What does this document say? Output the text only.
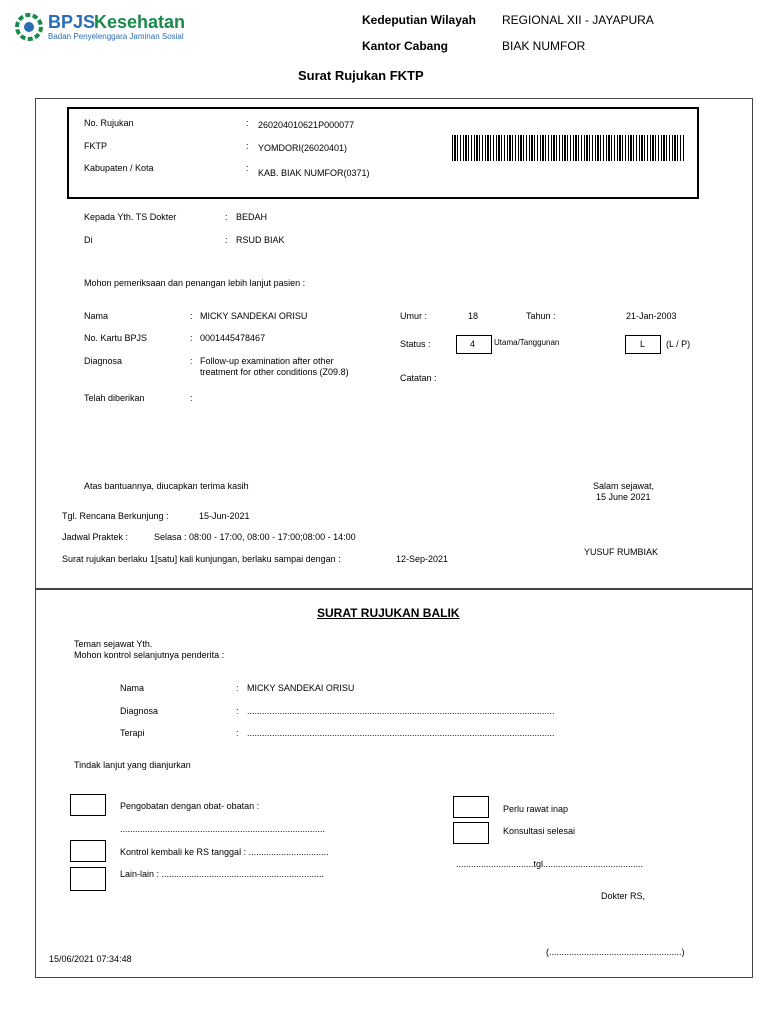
BPJS
Kesehatan
Badan Penyelenggara Jaminan Sosial
Kedeputian Wilayah REGIONAL XII - JAYAPURA
Kantor Cabang	BIAK NUMFOR
Surat Rujukan FKTP
No. Rujukan	: 260204010621P000077
FKTP	: YOMDORI(26020401)
Kabupaten / Kota	: KAB. BIAK NUMFOR(0371)
Kepada Yth. TS Dokter	: BEDAH
Di	: RSUD BIAK
Mohon pemeriksaan dan penangan lebih lanjut pasien :
Nama	: MICKY SANDEKAI ORISU
No. Kartu BPJS	: 0001445478467
Diagnosa	: Follow-up examination after other
treatment for other conditions (Z09.8)
Telah diberikan	:
Umur :	18	Tahun :	21-Jan-2003
Status :	4 Utama/Tanggunan	L (L / P)
Catatan :
Atas bantuannya, diucapkan terima kasih	Salam sejawat,
15 June 2021
Tgl. Rencana Berkunjung :	15-Jun-2021
Jadwal Praktek :	Selasa : 08:00 - 17:00, 08:00 - 17:00;08:00 - 14:00
Surat rujukan berlaku 1[satu] kali kunjungan, berlaku sampai dengan :	12-Sep-2021
YUSUF RUMBIAK
SURAT RUJUKAN BALIK
Teman sejawat Yth.
Mohon kontrol selanjutnya penderita :
Nama	: MICKY SANDEKAI ORISU
Diagnosa	: ...........................................................................................................................
Terapi	: ...........................................................................................................................
Tindak lanjut yang dianjurkan
Pengobatan dengan obat- obatan :
..................................................................................
Kontrol kembali ke RS tanggal : ................................
Lain-lain : .................................................................
Perlu rawat inap
Konsultasi selesai
...............................tgl........................................
Dokter RS,
(.....................................................)
15/06/2021 07:34:48
